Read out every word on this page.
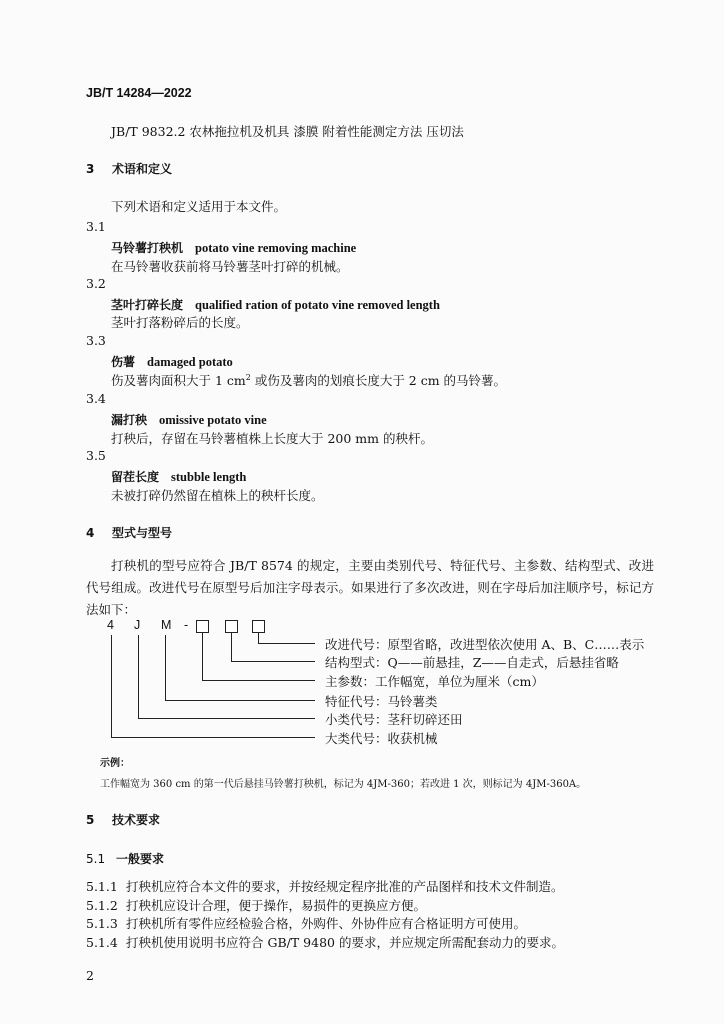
JB/T 14284—2022
JB/T 9832.2 农林拖拉机及机具 漆膜 附着性能测定方法 压切法
3 术语和定义
下列术语和定义适用于本文件。
3.1
马铃薯打秧机 potato vine removing machine
在马铃薯收获前将马铃薯茎叶打碎的机械。
3.2
茎叶打碎长度 qualified ration of potato vine removed length
茎叶打落粉碎后的长度。
3.3
伤薯 damaged potato
伤及薯肉面积大于 1 $cm^2$ 或伤及薯肉的划痕长度大于 2 cm 的马铃薯。
3.4
漏打秧 omissive potato vine
打秧后，存留在马铃薯植株上长度大于 200 mm 的秧杆。
3.5
留茬长度 stubble length
未被打碎仍然留在植株上的秧杆长度。
4 型式与型号
打秧机的型号应符合 JB/T 8574 的规定，主要由类别代号、特征代号、主参数、结构型式、改进代号组成。改进代号在原型号后加注字母表示。如果进行了多次改进，则在字母后加注顺序号，标记方法如下：
4 J M -
改进代号：原型省略，改进型依次使用 A、B、C……表示
结构型式：Q——前悬挂，Z——自走式，后悬挂省略
主参数：工作幅宽，单位为厘米（cm）
特征代号：马铃薯类
小类代号：茎秆切碎还田
大类代号：收获机械
示例：
工作幅宽为 360 cm 的第一代后悬挂马铃薯打秧机，标记为 4JM-360；若改进 1 次，则标记为 4JM-360A。
5 技术要求
5.1 一般要求
5.1.1 打秧机应符合本文件的要求，并按经规定程序批准的产品图样和技术文件制造。
5.1.2 打秧机应设计合理，便于操作，易损件的更换应方便。
5.1.3 打秧机所有零件应经检验合格，外购件、外协件应有合格证明方可使用。
5.1.4 打秧机使用说明书应符合 GB/T 9480 的要求，并应规定所需配套动力的要求。
2
